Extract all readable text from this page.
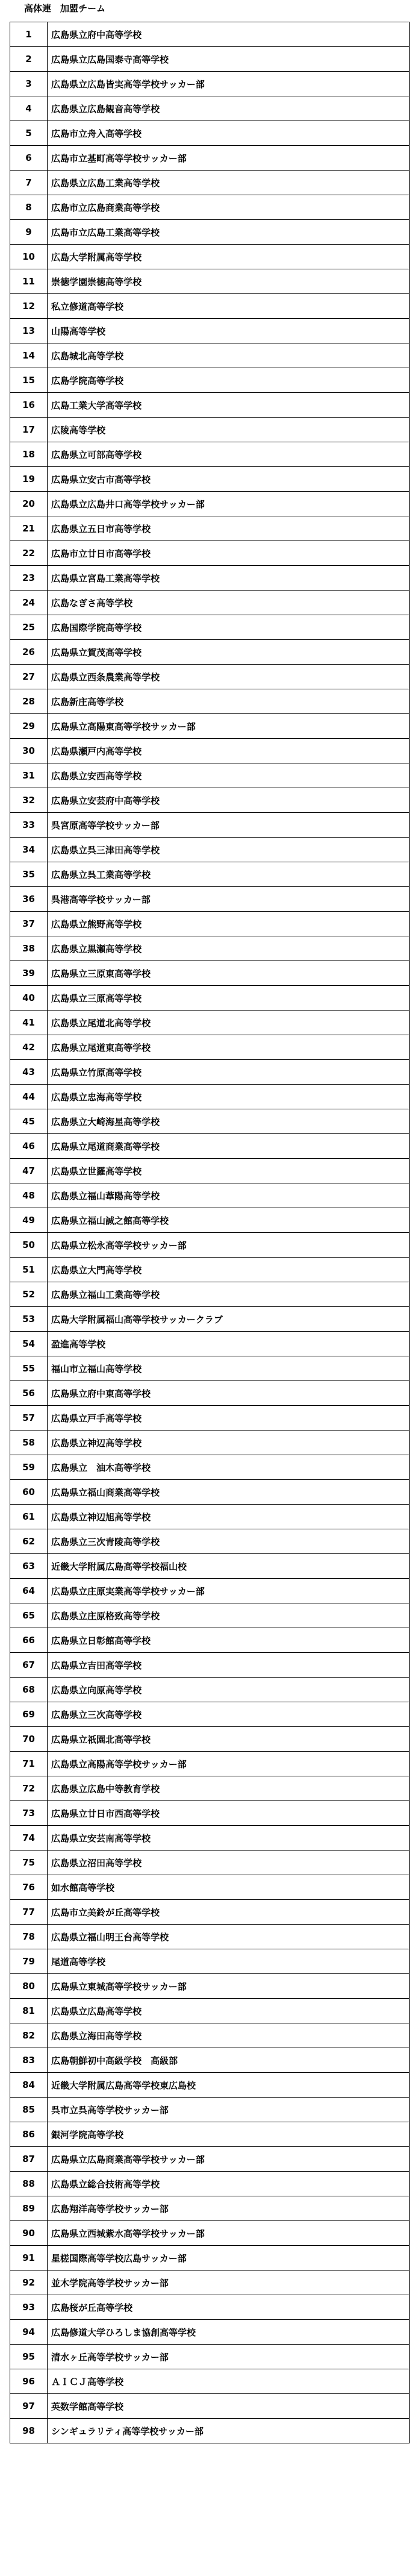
高体連　加盟チーム
1	広島県立府中高等学校
2	広島県立広島国泰寺高等学校
3	広島県立広島皆実高等学校サッカー部
4	広島県立広島観音高等学校
5	広島市立舟入高等学校
6	広島市立基町高等学校サッカー部
7	広島県立広島工業高等学校
8	広島市立広島商業高等学校
9	広島市立広島工業高等学校
10	広島大学附属高等学校
11	崇徳学園崇徳高等学校
12	私立修道高等学校
13	山陽高等学校
14	広島城北高等学校
15	広島学院高等学校
16	広島工業大学高等学校
17	広陵高等学校
18	広島県立可部高等学校
19	広島県立安古市高等学校
20	広島県立広島井口高等学校サッカー部
21	広島県立五日市高等学校
22	広島市立廿日市高等学校
23	広島県立宮島工業高等学校
24	広島なぎさ高等学校
25	広島国際学院高等学校
26	広島県立賀茂高等学校
27	広島県立西条農業高等学校
28	広島新庄高等学校
29	広島県立高陽東高等学校サッカー部
30	広島県瀬戸内高等学校
31	広島県立安西高等学校
32	広島県立安芸府中高等学校
33	呉宮原高等学校サッカー部
34	広島県立呉三津田高等学校
35	広島県立呉工業高等学校
36	呉港高等学校サッカー部
37	広島県立熊野高等学校
38	広島県立黒瀬高等学校
39	広島県立三原東高等学校
40	広島県立三原高等学校
41	広島県立尾道北高等学校
42	広島県立尾道東高等学校
43	広島県立竹原高等学校
44	広島県立忠海高等学校
45	広島県立大崎海星高等学校
46	広島県立尾道商業高等学校
47	広島県立世羅高等学校
48	広島県立福山葦陽高等学校
49	広島県立福山誠之館高等学校
50	広島県立松永高等学校サッカー部
51	広島県立大門高等学校
52	広島県立福山工業高等学校
53	広島大学附属福山高等学校サッカークラブ
54	盈進高等学校
55	福山市立福山高等学校
56	広島県立府中東高等学校
57	広島県立戸手高等学校
58	広島県立神辺高等学校
59	広島県立　油木高等学校
60	広島県立福山商業高等学校
61	広島県立神辺旭高等学校
62	広島県立三次青陵高等学校
63	近畿大学附属広島高等学校福山校
64	広島県立庄原実業高等学校サッカー部
65	広島県立庄原格致高等学校
66	広島県立日彰館高等学校
67	広島県立吉田高等学校
68	広島県立向原高等学校
69	広島県立三次高等学校
70	広島県立祇園北高等学校
71	広島県立高陽高等学校サッカー部
72	広島県立広島中等教育学校
73	広島県立廿日市西高等学校
74	広島県立安芸南高等学校
75	広島県立沼田高等学校
76	如水館高等学校
77	広島市立美鈴が丘高等学校
78	広島県立福山明王台高等学校
79	尾道高等学校
80	広島県立東城高等学校サッカー部
81	広島県立広島高等学校
82	広島県立海田高等学校
83	広島朝鮮初中高級学校　高級部
84	近畿大学附属広島高等学校東広島校
85	呉市立呉高等学校サッカー部
86	銀河学院高等学校
87	広島県立広島商業高等学校サッカー部
88	広島県立総合技術高等学校
89	広島翔洋高等学校サッカー部
90	広島県立西城紫水高等学校サッカー部
91	星槎国際高等学校広島サッカー部
92	並木学院高等学校サッカー部
93	広島桜が丘高等学校
94	広島修道大学ひろしま協創高等学校
95	清水ヶ丘高等学校サッカー部
96	ＡＩＣＪ高等学校
97	英数学館高等学校
98	シンギュラリティ高等学校サッカー部
